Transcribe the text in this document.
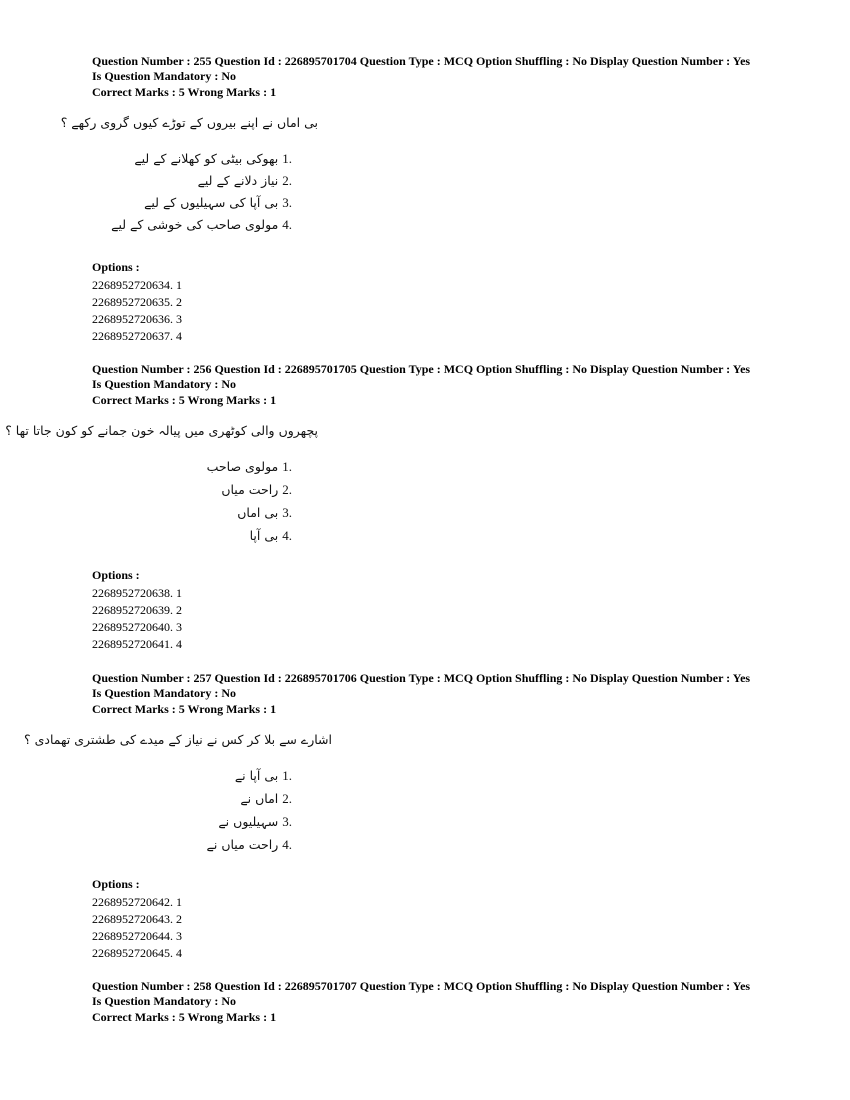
Question Number : 255 Question Id : 226895701704 Question Type : MCQ Option Shuffling : No Display Question Number : Yes Is Question Mandatory : No

Correct Marks : 5 Wrong Marks : 1
بی اماں نے اپنے بیروں کے توڑے کیوں گروی رکھے ؟
1. بھوکی بیٹی کو کھلانے کے لیے
2. نیاز دلانے کے لیے
3. بی آپا کی سہیلیوں کے لیے
4. مولوی صاحب کی خوشی کے لیے
Options :
2268952720634. 1
2268952720635. 2
2268952720636. 3
2268952720637. 4

Question Number : 256 Question Id : 226895701705 Question Type : MCQ Option Shuffling : No Display Question Number : Yes Is Question Mandatory : No

Correct Marks : 5 Wrong Marks : 1
پچھروں والی کوٹھری میں پیالہ خون جمانے کو کون جاتا تھا ؟
1. مولوی صاحب
2. راحت میاں
3. بی اماں
4. بی آپا
Options :
2268952720638. 1
2268952720639. 2
2268952720640. 3
2268952720641. 4

Question Number : 257 Question Id : 226895701706 Question Type : MCQ Option Shuffling : No Display Question Number : Yes Is Question Mandatory : No

Correct Marks : 5 Wrong Marks : 1
اشارے سے بلا کر کس نے نیاز کے میدے کی طشتری تھمادی ؟
1. بی آپا نے
2. اماں نے
3. سہیلیوں نے
4. راحت میاں نے
Options :
2268952720642. 1
2268952720643. 2
2268952720644. 3
2268952720645. 4

Question Number : 258 Question Id : 226895701707 Question Type : MCQ Option Shuffling : No Display Question Number : Yes Is Question Mandatory : No

Correct Marks : 5 Wrong Marks : 1
